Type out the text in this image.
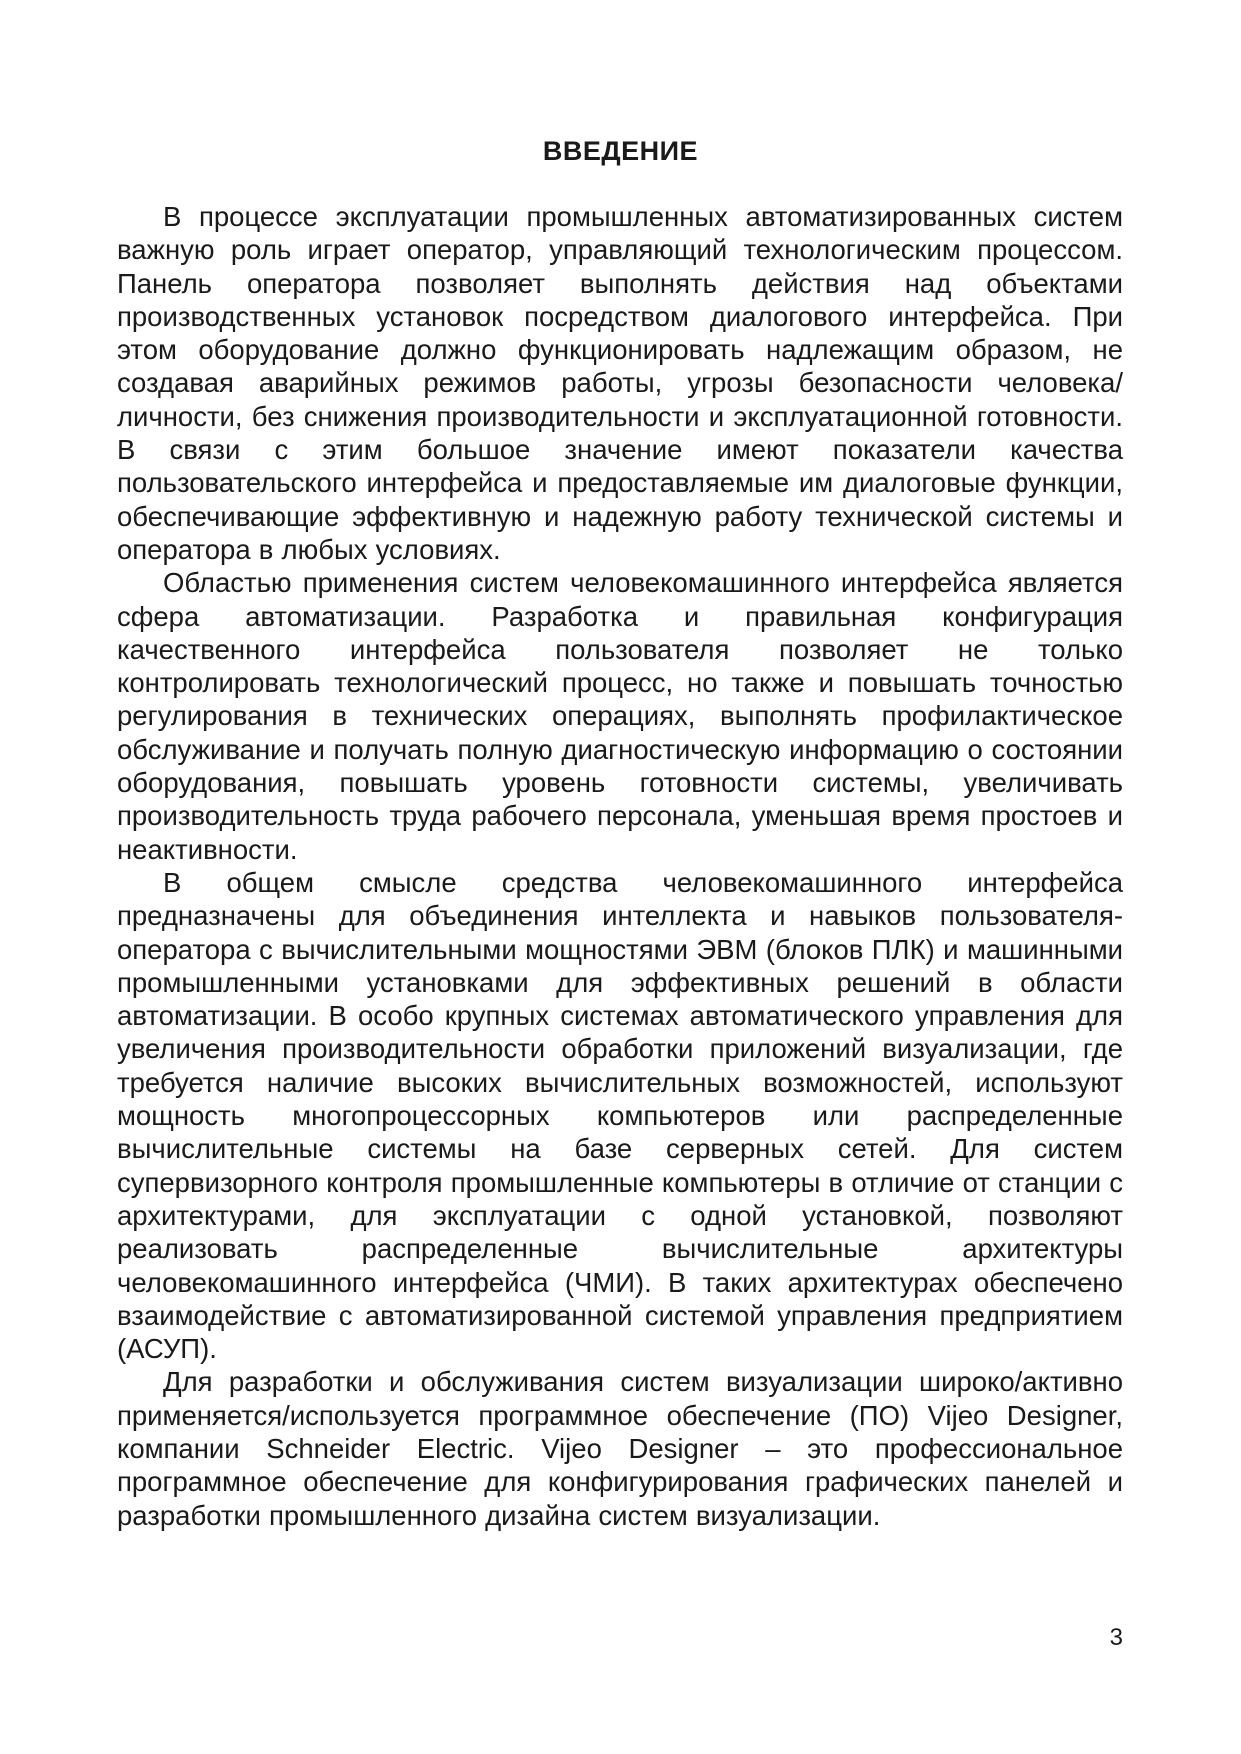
ВВЕДЕНИЕ

В процессе эксплуатации промышленных автоматизированных систем важную роль играет оператор, управляющий технологическим процессом. Панель оператора позволяет выполнять действия над объектами производственных установок посредством диалогового интерфейса. При этом оборудование должно функционировать надлежащим образом, не создавая аварийных режимов работы, угрозы безопасности человека/личности, без снижения производительности и эксплуатационной готовности. В связи с этим большое значение имеют показатели качества пользовательского интерфейса и предоставляемые им диалоговые функции, обеспечивающие эффективную и надежную работу технической системы и оператора в любых условиях.

Областью применения систем человекомашинного интерфейса является сфера автоматизации. Разработка и правильная конфигурация качественного интерфейса пользователя позволяет не только контролировать технологический процесс, но также и повышать точностью регулирования в технических операциях, выполнять профилактическое обслуживание и получать полную диагностическую информацию о состоянии оборудования, повышать уровень готовности системы, увеличивать производительность труда рабочего персонала, уменьшая время простоев и неактивности.

В общем смысле средства человекомашинного интерфейса предназначены для объединения интеллекта и навыков пользователя-оператора с вычислительными мощностями ЭВМ (блоков ПЛК) и машинными промышленными установками для эффективных решений в области автоматизации. В особо крупных системах автоматического управления для увеличения производительности обработки приложений визуализации, где требуется наличие высоких вычислительных возможностей, используют мощность многопроцессорных компьютеров или распределенные вычислительные системы на базе серверных сетей. Для систем супервизорного контроля промышленные компьютеры в отличие от станции с архитектурами, для эксплуатации с одной установкой, позволяют реализовать распределенные вычислительные архитектуры человекомашинного интерфейса (ЧМИ). В таких архитектурах обеспечено взаимодействие с автоматизированной системой управления предприятием (АСУП).

Для разработки и обслуживания систем визуализации широко/активно применяется/используется программное обеспечение (ПО) Vijeo Designer, компании Schneider Electric. Vijeo Designer – это профессиональное программное обеспечение для конфигурирования графических панелей и разработки промышленного дизайна систем визуализации.

3
